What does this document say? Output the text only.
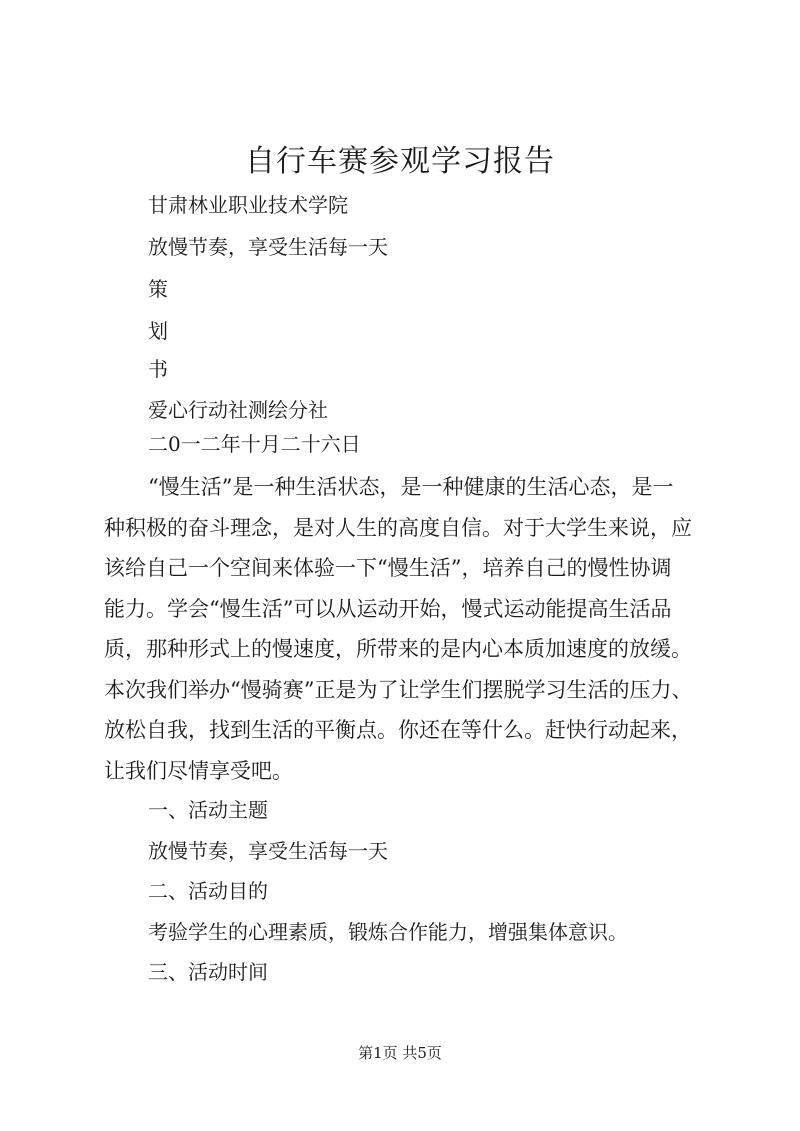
自行车赛参观学习报告

甘肃林业职业技术学院

放慢节奏，享受生活每一天

策

划

书

爱心行动社测绘分社

二0一二年十月二十六日

“慢生活”是一种生活状态，是一种健康的生活心态，是一
种积极的奋斗理念，是对人生的高度自信。对于大学生来说，应
该给自己一个空间来体验一下“慢生活”，培养自己的慢性协调
能力。学会“慢生活”可以从运动开始，慢式运动能提高生活品
质，那种形式上的慢速度，所带来的是内心本质加速度的放缓。
本次我们举办“慢骑赛”正是为了让学生们摆脱学习生活的压力、
放松自我，找到生活的平衡点。你还在等什么。赶快行动起来，
让我们尽情享受吧。

一、活动主题

放慢节奏，享受生活每一天

二、活动目的

考验学生的心理素质，锻炼合作能力，增强集体意识。

三、活动时间

第1页 共5页
